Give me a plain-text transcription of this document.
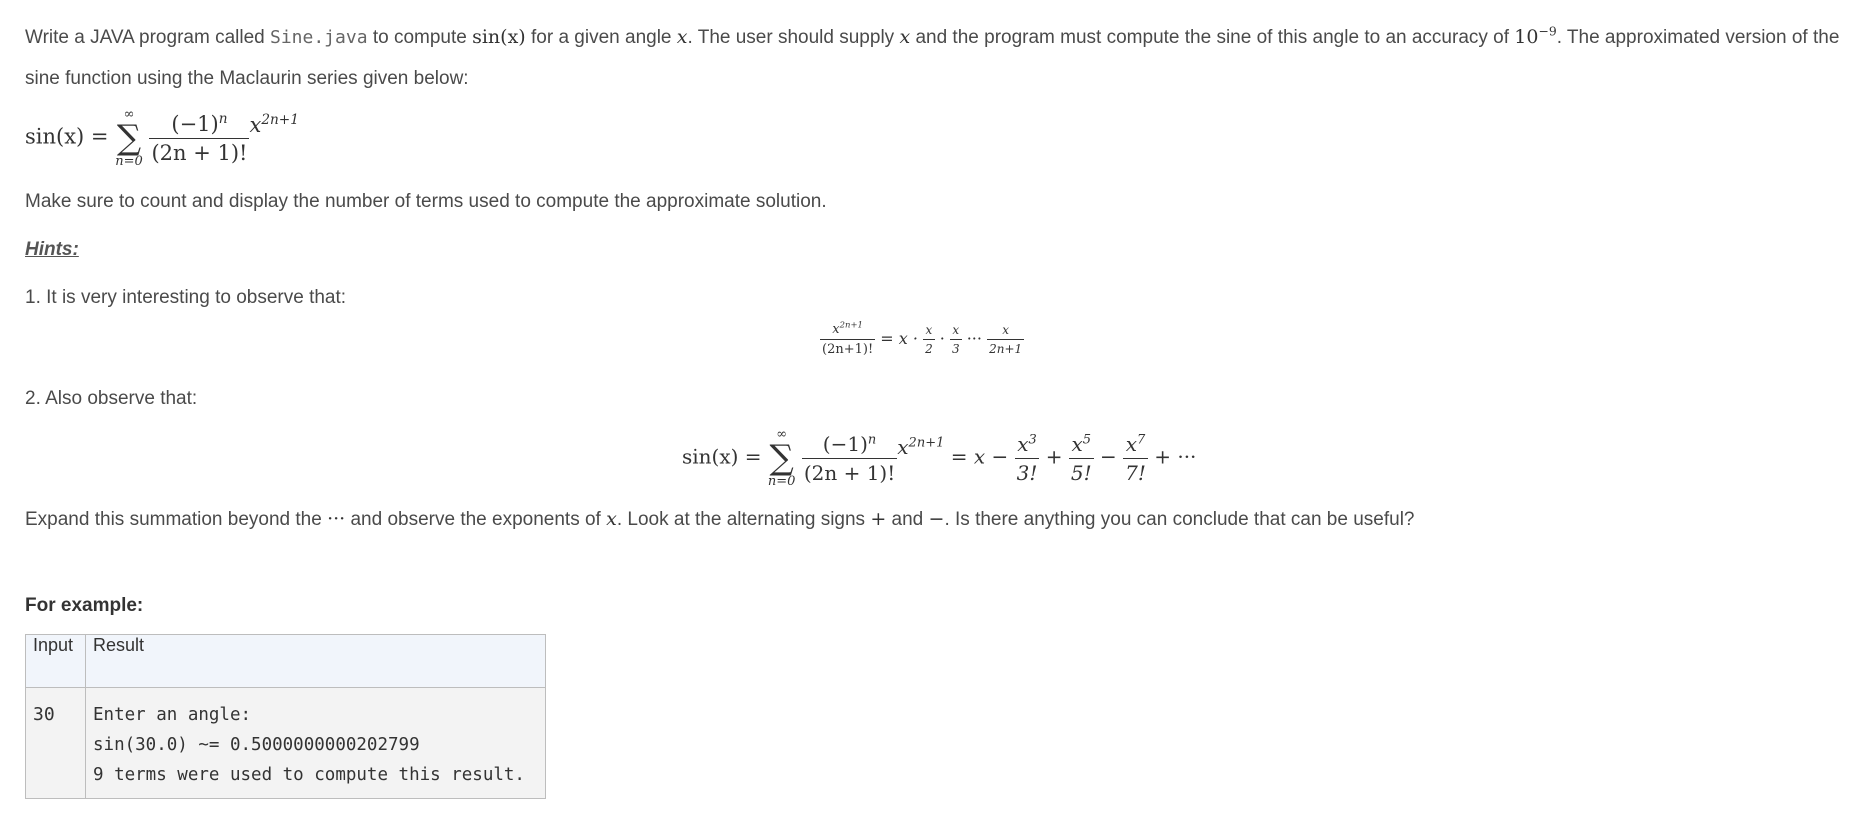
Write a JAVA program called Sine.java to compute sin(x) for a given angle x. The user should supply x and the program must compute the sine of this angle to an accuracy of $10^{-9}$. The approximated version of the
sine function using the Maclaurin series given below:
sin(x) =
∞
∑
n=0
$\frac{(-1)^n}{(2n + 1)!} x^{2n+1}$
Make sure to count and display the number of terms used to compute the approximate solution.
Hints:
1. It is very interesting to observe that:
$\frac{x^{2n+1}}{(2n+1)!} = x \cdot \frac{x}{2} \cdot \frac{x}{3}$ ··· $\frac{x}{2n+1}$
2. Also observe that:
sin(x) =
∞
∑
n=0
$\frac{(-1)^n}{(2n + 1)!} x^{2n+1} = x - \frac{x^3}{3!} + \frac{x^5}{5!} - \frac{x^7}{7!}$ + ···
Expand this summation beyond the ··· and observe the exponents of x. Look at the alternating signs + and −. Is there anything you can conclude that can be useful?
For example:
Input	Result
30	Enter an angle:
sin(30.0) ~= 0.5000000000202799
9 terms were used to compute this result.
